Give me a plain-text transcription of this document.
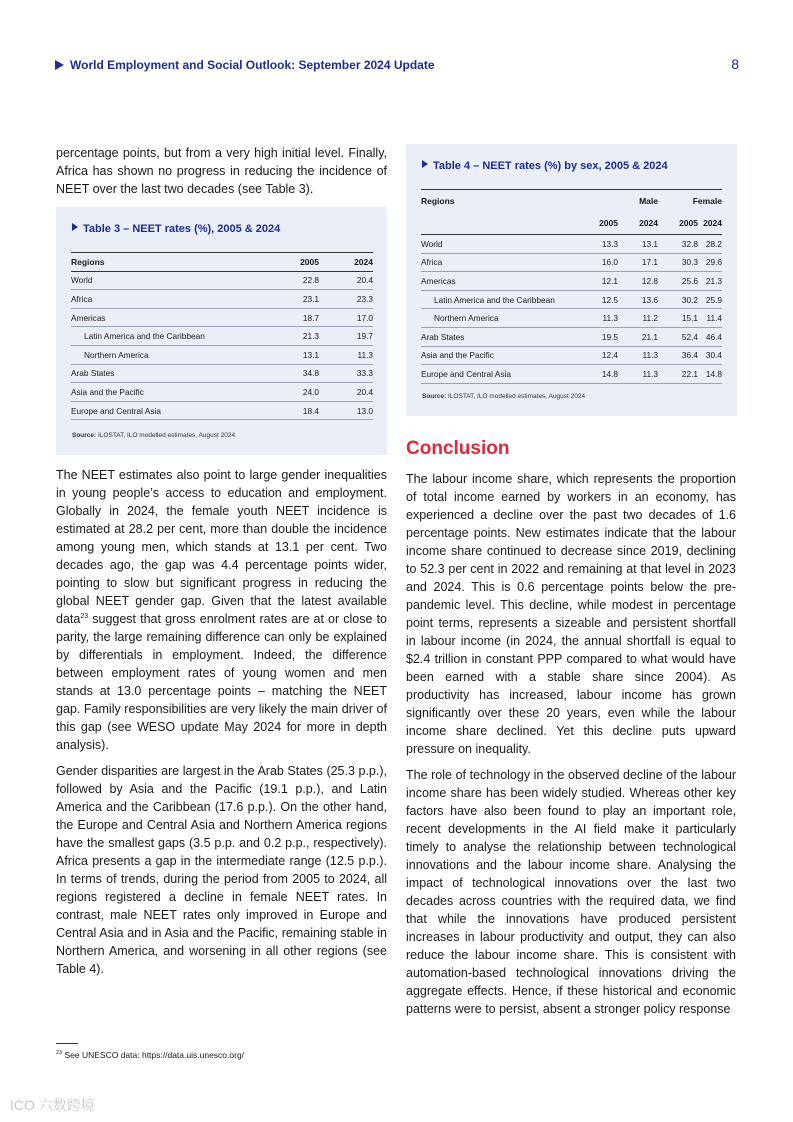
World Employment and Social Outlook: September 2024 Update	8

percentage points, but from a very high initial level. Finally, Africa has shown no progress in reducing the incidence of NEET over the last two decades (see Table 3).

Table 3 – NEET rates (%), 2005 & 2024
Regions	2005	2024
World	22.8	20.4
Africa	23.1	23.3
Americas	18.7	17.0
Latin America and the Caribbean	21.3	19.7
Northern America	13.1	11.3
Arab States	34.8	33.3
Asia and the Pacific	24.0	20.4
Europe and Central Asia	18.4	13.0
Source: ILOSTAT, ILO modelled estimates, August 2024

The NEET estimates also point to large gender inequalities in young people’s access to education and employment. Globally in 2024, the female youth NEET incidence is estimated at 28.2 per cent, more than double the incidence among young men, which stands at 13.1 per cent. Two decades ago, the gap was 4.4 percentage points wider, pointing to slow but significant progress in reducing the global NEET gender gap. Given that the latest available data$^{23}$ suggest that gross enrolment rates are at or close to parity, the large remaining difference can only be explained by differentials in employment. Indeed, the difference between employment rates of young women and men stands at 13.0 percentage points – matching the NEET gap. Family responsibilities are very likely the main driver of this gap (see WESO update May 2024 for more in depth analysis).

Gender disparities are largest in the Arab States (25.3 p.p.), followed by Asia and the Pacific (19.1 p.p.), and Latin America and the Caribbean (17.6 p.p.). On the other hand, the Europe and Central Asia and Northern America regions have the smallest gaps (3.5 p.p. and 0.2 p.p., respectively). Africa presents a gap in the intermediate range (12.5 p.p.). In terms of trends, during the period from 2005 to 2024, all regions registered a decline in female NEET rates. In contrast, male NEET rates only improved in Europe and Central Asia and in Asia and the Pacific, remaining stable in Northern America, and worsening in all other regions (see Table 4).

Table 4 – NEET rates (%) by sex, 2005 & 2024
Regions		Male	Female	
	2005	2024	2005	2024
World	13.3	13.1	32.8	28.2
Africa	16.0	17.1	30.3	29.6
Americas	12.1	12.8	25.6	21.3
Latin America and the Caribbean	12.5	13.6	30.2	25.9
Northern America	11.3	11.2	15.1	11.4
Arab States	19.5	21.1	52.4	46.4
Asia and the Pacific	12.4	11.3	36.4	30.4
Europe and Central Asia	14.8	11.3	22.1	14.8
Source: ILOSTAT, ILO modelled estimates, August 2024
Conclusion

The labour income share, which represents the proportion of total income earned by workers in an economy, has experienced a decline over the past two decades of 1.6 percentage points. New estimates indicate that the labour income share continued to decrease since 2019, declining to 52.3 per cent in 2022 and remaining at that level in 2023 and 2024. This is 0.6 percentage points below the pre-pandemic level. This decline, while modest in percentage point terms, represents a sizeable and persistent shortfall in labour income (in 2024, the annual shortfall is equal to $2.4 trillion in constant PPP compared to what would have been earned with a stable share since 2004). As productivity has increased, labour income has grown significantly over these 20 years, even while the labour income share declined. Yet this decline puts upward pressure on inequality.

The role of technology in the observed decline of the labour income share has been widely studied. Whereas other key factors have also been found to play an important role, recent developments in the AI field make it particularly timely to analyse the relationship between technological innovations and the labour income share. Analysing the impact of technological innovations over the last two decades across countries with the required data, we find that while the innovations have produced persistent increases in labour productivity and output, they can also reduce the labour income share. This is consistent with automation-based technological innovations driving the aggregate effects. Hence, if these historical and economic patterns were to persist, absent a stronger policy response

$^{23}$ See UNESCO data: https://data.uis.unesco.org/
ICO 六数跨境
